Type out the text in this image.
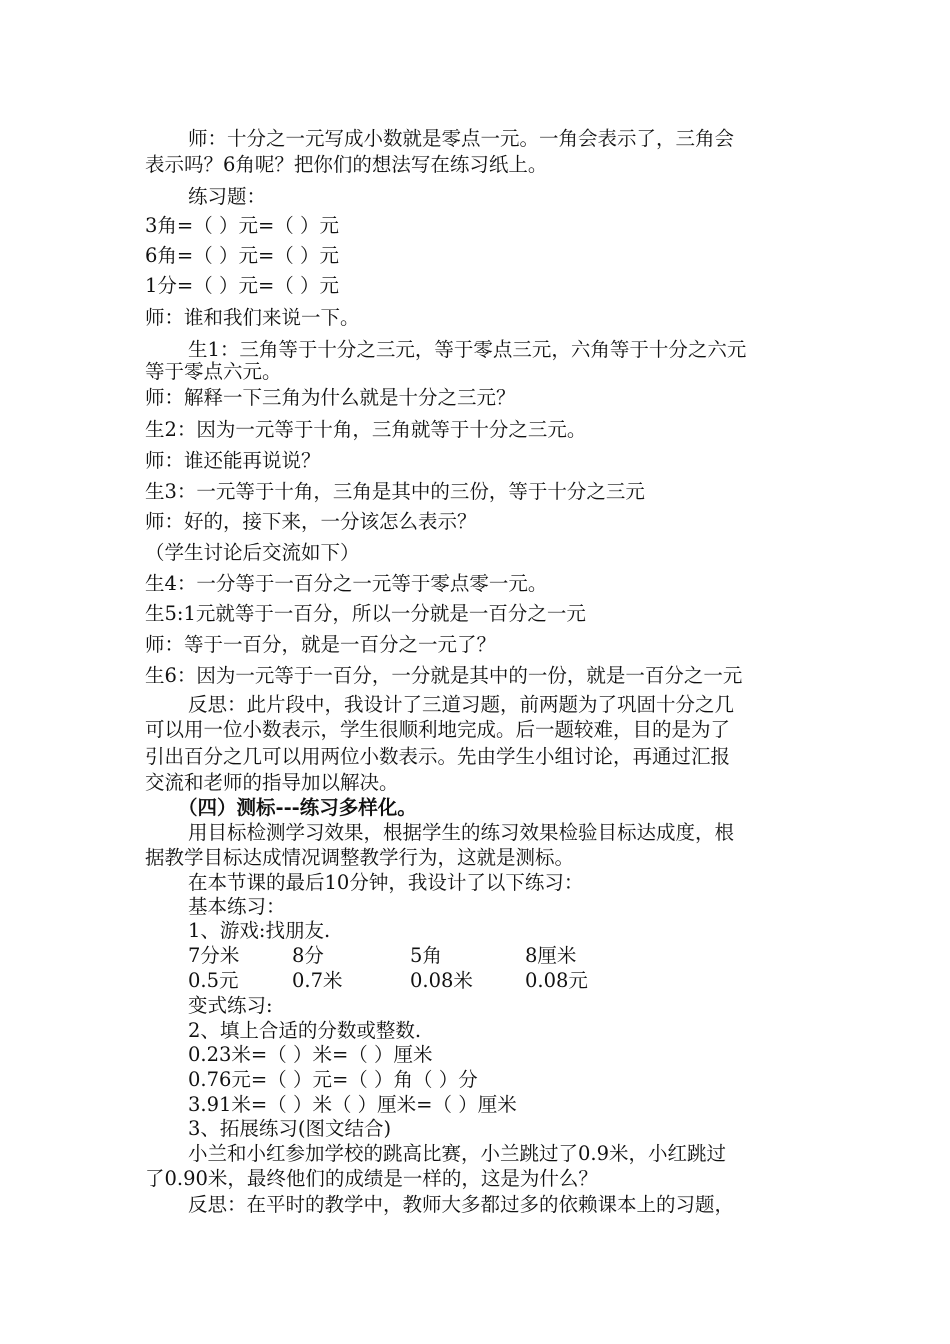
师：十分之一元写成小数就是零点一元。一角会表示了，三角会
表示吗？6角呢？把你们的想法写在练习纸上。
练习题：
3角=（ ）元=（ ）元
6角=（ ）元=（ ）元
1分=（ ）元=（ ）元
师：谁和我们来说一下。
生1：三角等于十分之三元，等于零点三元，六角等于十分之六元
等于零点六元。
师：解释一下三角为什么就是十分之三元？
生2：因为一元等于十角，三角就等于十分之三元。
师：谁还能再说说？
生3：一元等于十角，三角是其中的三份，等于十分之三元
师：好的，接下来，一分该怎么表示？
（学生讨论后交流如下）
生4：一分等于一百分之一元等于零点零一元。
生5:1元就等于一百分，所以一分就是一百分之一元
师：等于一百分，就是一百分之一元了？
生6：因为一元等于一百分，一分就是其中的一份，就是一百分之一元
反思：此片段中，我设计了三道习题，前两题为了巩固十分之几
可以用一位小数表示，学生很顺利地完成。后一题较难，目的是为了
引出百分之几可以用两位小数表示。先由学生小组讨论，再通过汇报
交流和老师的指导加以解决。
（四）测标---练习多样化。
用目标检测学习效果，根据学生的练习效果检验目标达成度，根
据教学目标达成情况调整教学行为，这就是测标。
在本节课的最后10分钟，我设计了以下练习：
基本练习：
1、游戏:找朋友.
7分米	8分	5角	8厘米
0.5元	0.7米	0.08米	0.08元
变式练习:
2、填上合适的分数或整数.
0.23米=（ ）米=（ ）厘米
0.76元=（ ）元=（ ）角（ ）分
3.91米=（ ）米（ ）厘米=（ ）厘米
3、拓展练习(图文结合)
小兰和小红参加学校的跳高比赛，小兰跳过了0.9米，小红跳过
了0.90米，最终他们的成绩是一样的，这是为什么？
反思：在平时的教学中，教师大多都过多的依赖课本上的习题，
